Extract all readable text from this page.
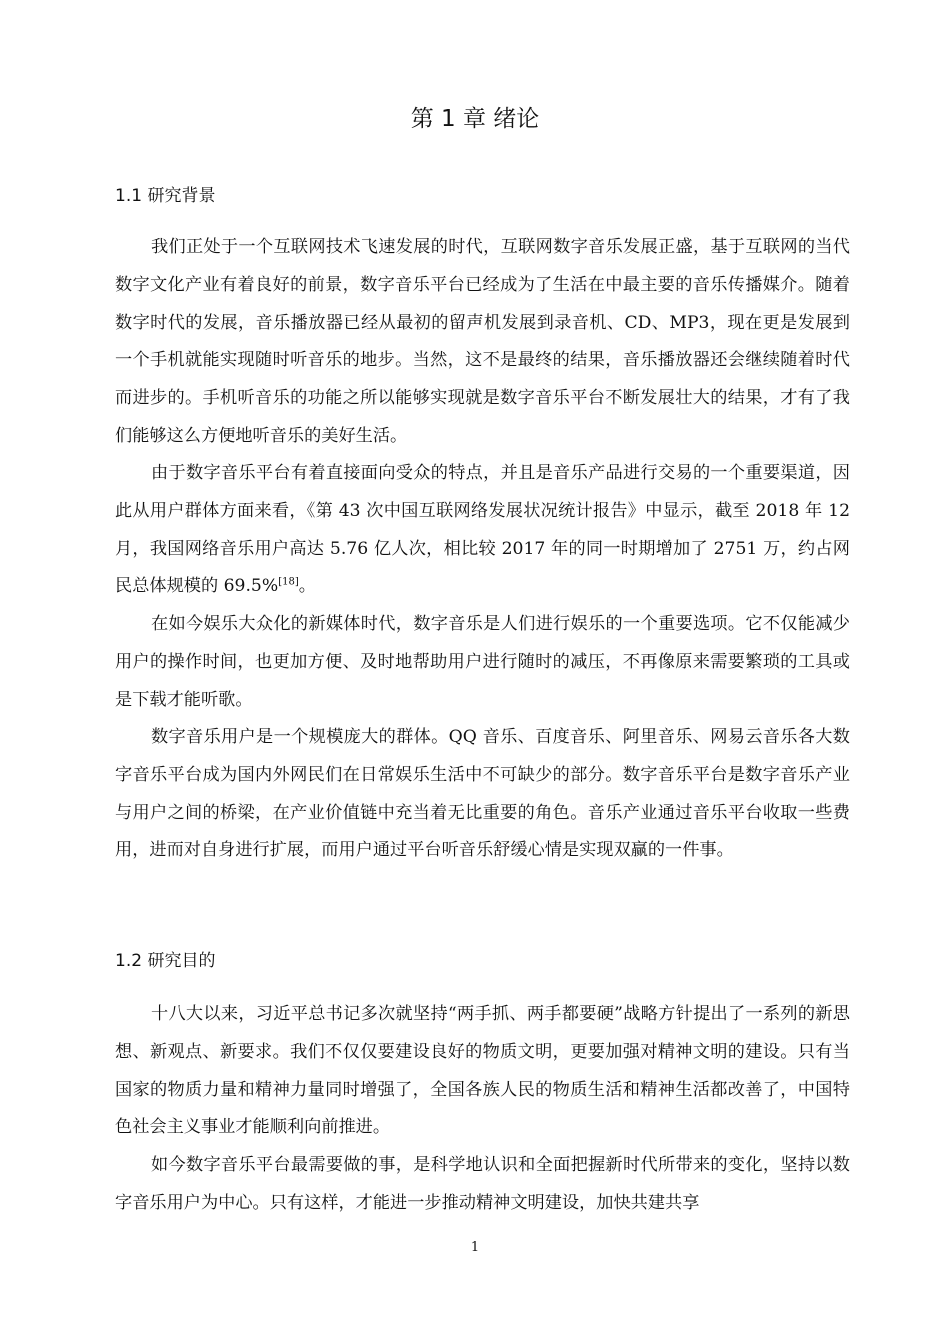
第 1 章 绪论
1.1 研究背景

我们正处于一个互联网技术飞速发展的时代，互联网数字音乐发展正盛，基于互联网的当代数字文化产业有着良好的前景，数字音乐平台已经成为了生活在中最主要的音乐传播媒介。随着数字时代的发展，音乐播放器已经从最初的留声机发展到录音机、CD、MP3，现在更是发展到一个手机就能实现随时听音乐的地步。当然，这不是最终的结果，音乐播放器还会继续随着时代而进步的。手机听音乐的功能之所以能够实现就是数字音乐平台不断发展壮大的结果，才有了我们能够这么方便地听音乐的美好生活。

由于数字音乐平台有着直接面向受众的特点，并且是音乐产品进行交易的一个重要渠道，因此从用户群体方面来看，《第 43 次中国互联网络发展状况统计报告》中显示，截至 2018 年 12 月，我国网络音乐用户高达 5.76 亿人次，相比较 2017 年的同一时期增加了 2751 万，约占网民总体规模的 69.5%[18]。

在如今娱乐大众化的新媒体时代，数字音乐是人们进行娱乐的一个重要选项。它不仅能减少用户的操作时间，也更加方便、及时地帮助用户进行随时的减压，不再像原来需要繁琐的工具或是下载才能听歌。

数字音乐用户是一个规模庞大的群体。QQ 音乐、百度音乐、阿里音乐、网易云音乐各大数字音乐平台成为国内外网民们在日常娱乐生活中不可缺少的部分。数字音乐平台是数字音乐产业与用户之间的桥梁，在产业价值链中充当着无比重要的角色。音乐产业通过音乐平台收取一些费用，进而对自身进行扩展，而用户通过平台听音乐舒缓心情是实现双赢的一件事。

1.2 研究目的

十八大以来，习近平总书记多次就坚持“两手抓、两手都要硬”战略方针提出了一系列的新思想、新观点、新要求。我们不仅仅要建设良好的物质文明，更要加强对精神文明的建设。只有当国家的物质力量和精神力量同时增强了，全国各族人民的物质生活和精神生活都改善了，中国特色社会主义事业才能顺利向前推进。

如今数字音乐平台最需要做的事，是科学地认识和全面把握新时代所带来的变化，坚持以数字音乐用户为中心。只有这样，才能进一步推动精神文明建设，加快共建共享

1
